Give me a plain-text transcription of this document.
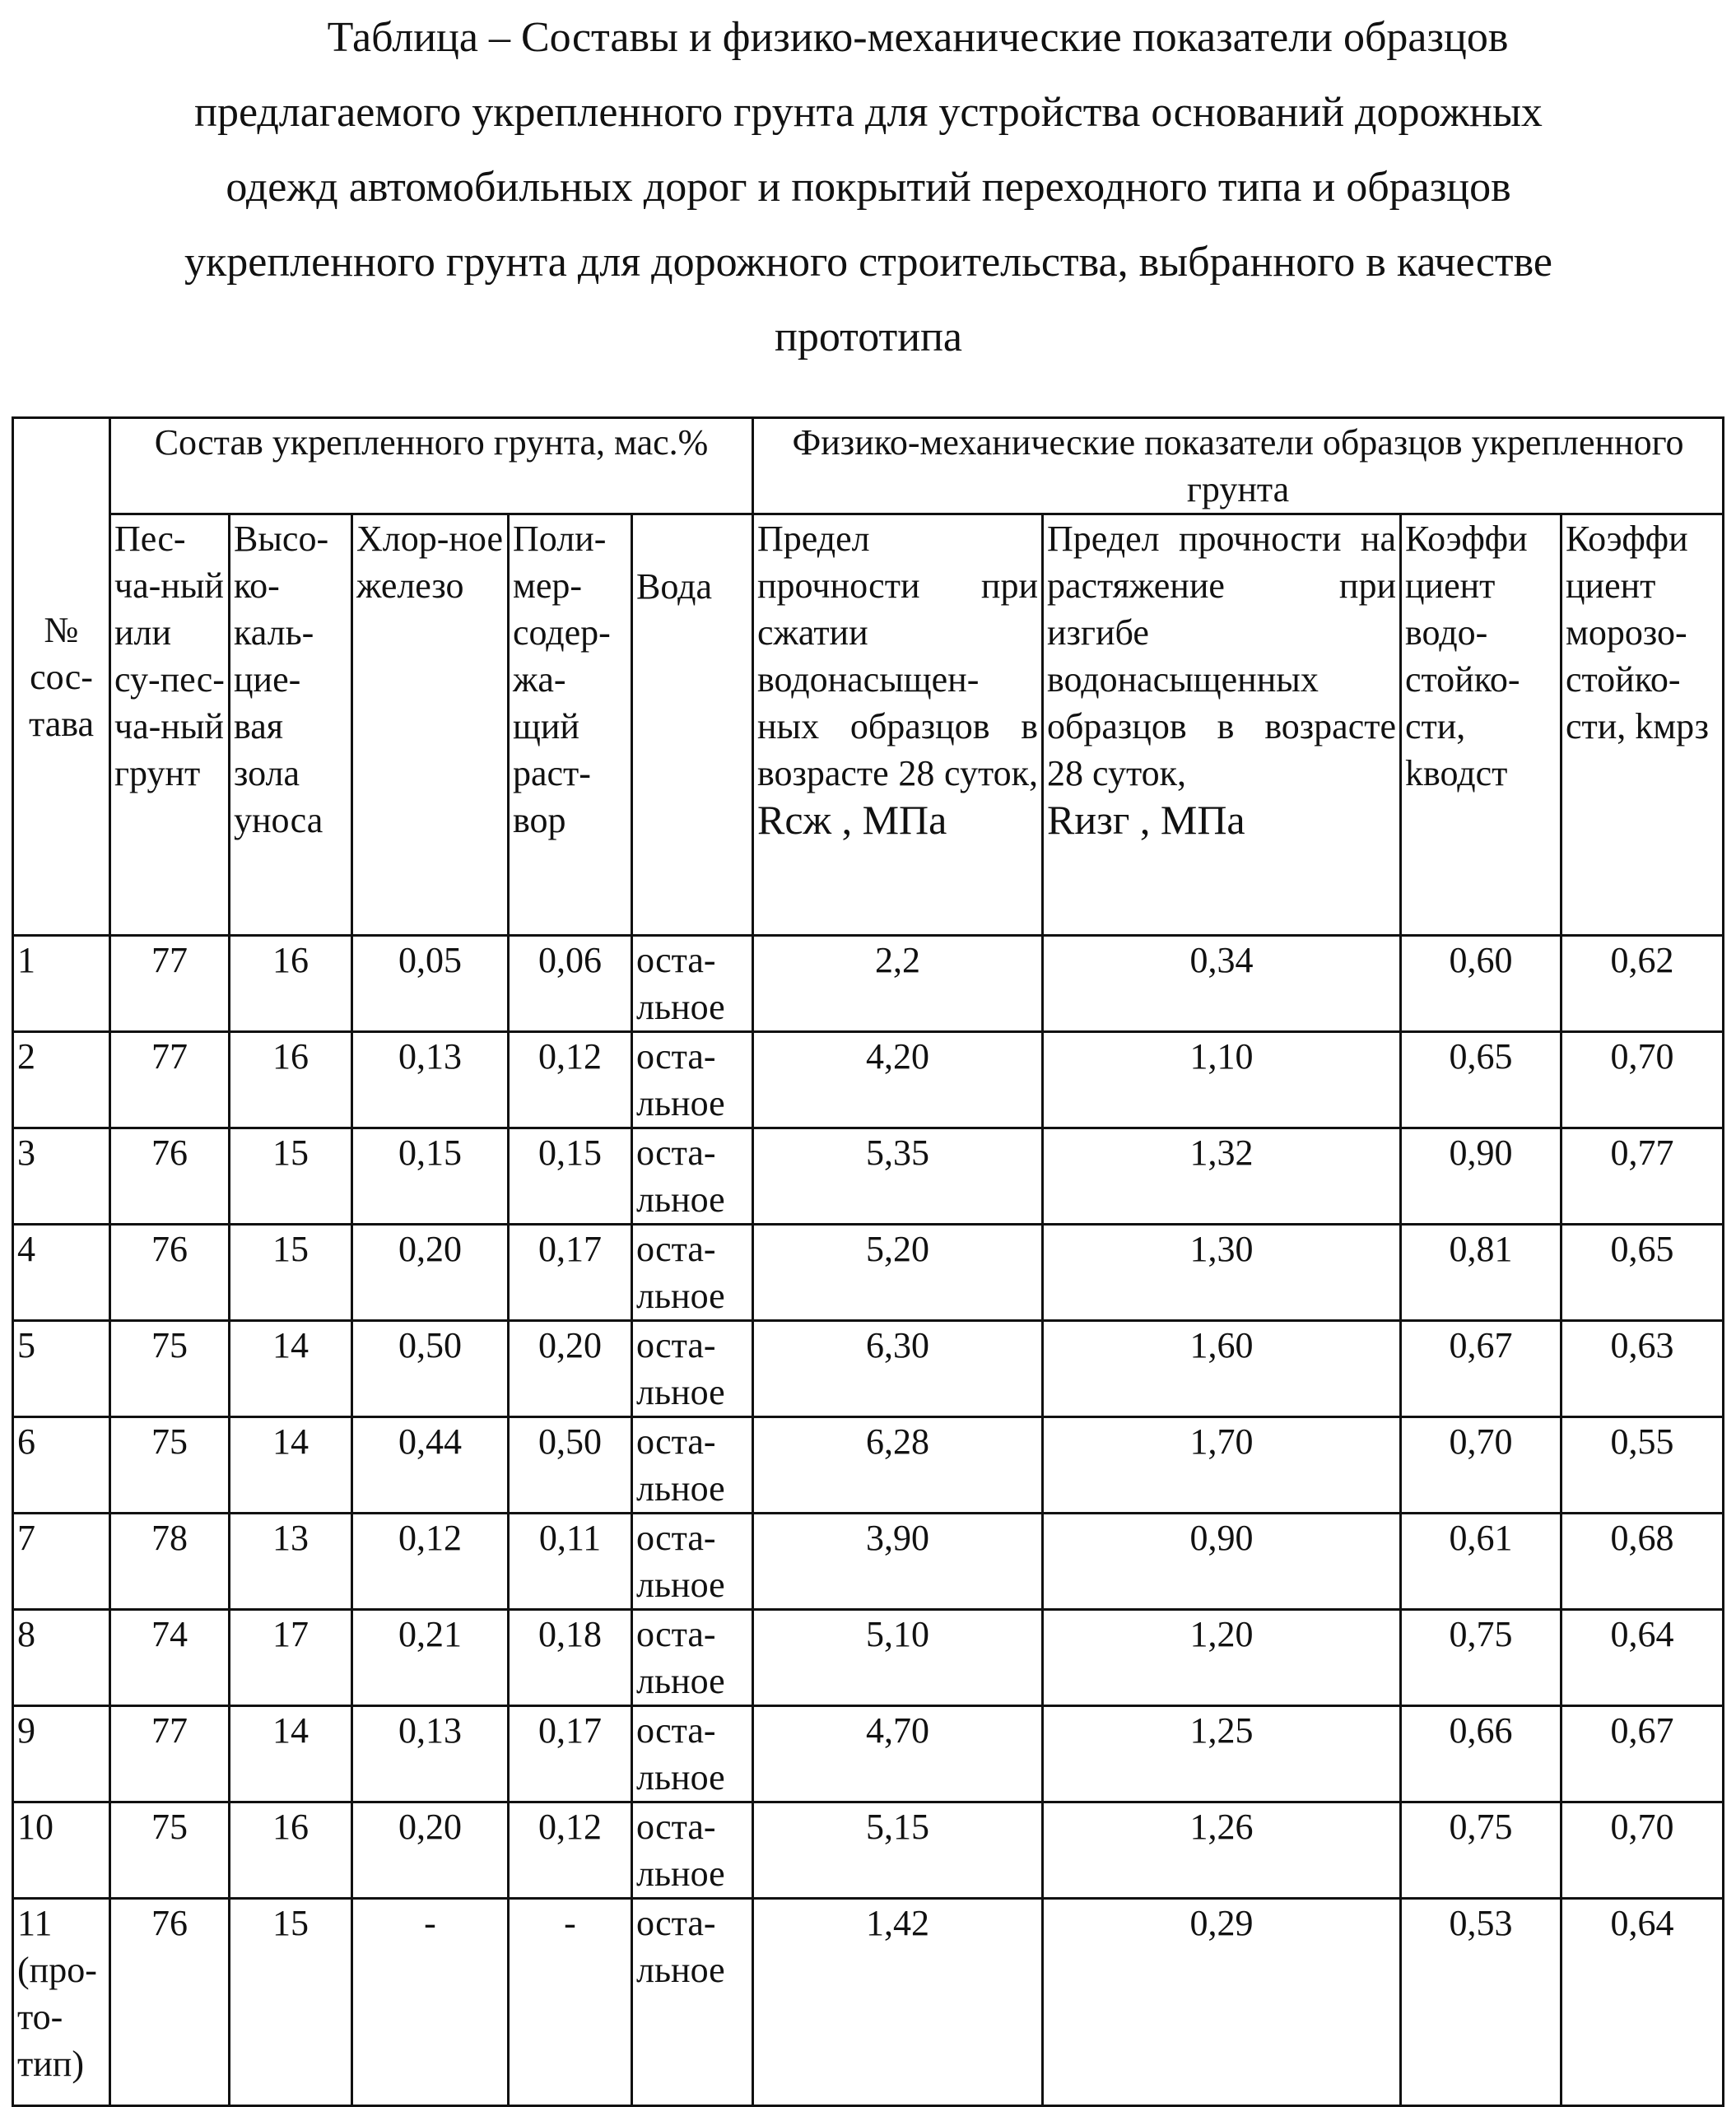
Таблица – Составы и физико-механические показатели образцов
предлагаемого укрепленного грунта для устройства оснований дорожных
одежд автомобильных дорог и покрытий переходного типа и образцов
укрепленного грунта для дорожного строительства, выбранного в качестве
прототипа
№ сос-тава	Состав укрепленного грунта, мас.%	Физико-механические показатели образцов укрепленного грунта
Пес-ча-ный или су-пес-ча-ный грунт	Высо-ко-каль-цие-вая зола уноса	Хлор-ное железо	Поли-мер-содер-жа-щий раст-вор	Вода	
Предел прочности при сжатии водонасыщен-ных образцов в возрасте 28 суток,
Rсж , МПа

Предел прочности на растяжение при изгибе водонасыщенных образцов в возрасте 28 суток,
Rизг , МПа

Коэффи циент водо-стойко-сти,
kводст
	Коэффи циент морозо-стойко-сти, kмрз
1	77	16	0,05	0,06	оста-льное	2,2	0,34	0,60	0,62
2	77	16	0,13	0,12	оста-льное	4,20	1,10	0,65	0,70
3	76	15	0,15	0,15	оста-льное	5,35	1,32	0,90	0,77
4	76	15	0,20	0,17	оста-льное	5,20	1,30	0,81	0,65
5	75	14	0,50	0,20	оста-льное	6,30	1,60	0,67	0,63
6	75	14	0,44	0,50	оста-льное	6,28	1,70	0,70	0,55
7	78	13	0,12	0,11	оста-льное	3,90	0,90	0,61	0,68
8	74	17	0,21	0,18	оста-льное	5,10	1,20	0,75	0,64
9	77	14	0,13	0,17	оста-льное	4,70	1,25	0,66	0,67
10	75	16	0,20	0,12	оста-льное	5,15	1,26	0,75	0,70
11 (про-то-тип)	76	15	-	-	оста-льное	1,42	0,29	0,53	0,64
